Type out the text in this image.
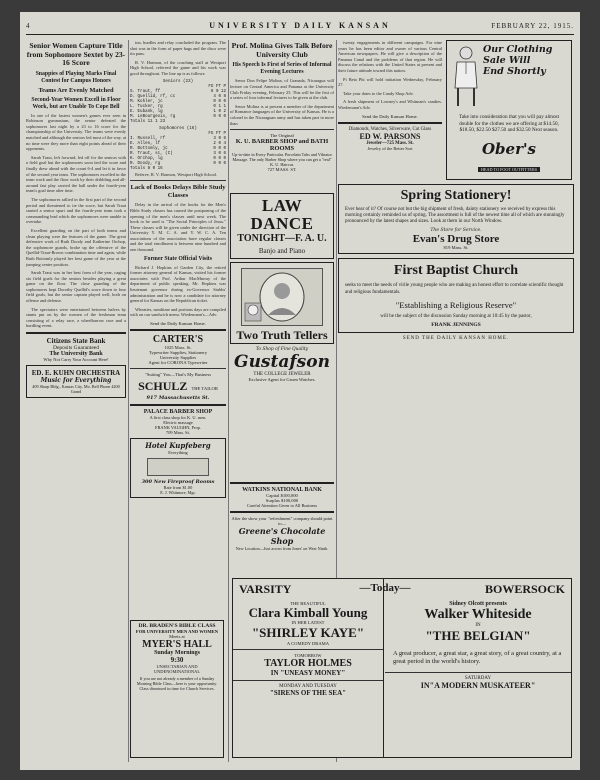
4	UNIVERSITY DAILY KANSAN	FEBRUARY 22, 1915.
Senior Women Capture Title from Sophomore Sextet by 23-16 Score
Snappies of Playing Marks Final Contest for Campus Honors
Teams Are Evenly Matched
Second-Year Women Excell in Floor Work, but are Unable To Cope Bell

In one of the fastest women's games ever seen in Robinson gymnasium, the senior defeated the sophomores last night by a 23 to 16 score for the championship of the University. The teams were evenly matched and although the seniors led most of the way, at no time were they more than eight points ahead of their opponents.

Sarah Traut, left forward, led off for the seniors with a field goal but the sophomores soon tied the score and finally drew ahead with the count 6-4 and let it in favor of the second year team. The sophomores excelled in the team work and the floor work by their dribbling and all-around fast play carried the ball under the fourth-year team's goal time after time.

The sophomores rallied in the first part of the second period and threatened to tie the score, but Sarah Traut started a senior spurt and the fourth-year team took a commanding lead which the sophomores were unable to overtake.

Excellent guarding on the part of both teams and clean playing were the features of the game. The great defensive work of Ruth Doody and Katherine Orchop, the sophomore guards, broke up the offensive of the Quellid-Traut-Brown combination time and again, while Ruth Bottomly played her best game of the year at the jumping center position.

Sarah Traut was in her best form of the year, caging six field goals for the seniors besides playing a great game on the floor. The close guarding of the sophomores kept Dorothy Quellid's score down to four field goals, but the senior captain played well, both on offense and defense.

The spectators were entertained between halves by stunts put on by the women of the freshman team consisting of a relay race, a wheelbarrow race and a hurdling event.

Citizens State Bank
Deposits Guaranteed
The University Bank
Why Not Carry Your Account Here!
ED. E. KUHN ORCHESTRA
Music for Everything
409 Sharp Bldg., Kansas City, Mo. Bell Phone 4200 Grand

ion, hurdles and relay concluded the program. The shot was in the form of paper bags and the discs were tin pans.

R. V. Harmon, of the coaching staff at Westport High School, refereed the game and his work was good throughout. The line up is as follows:

Seniors (23)
FG FT P
S. Traut, ff	6 0 12
D. Quellid, rf, cc	4 0 8
M. Kohler, jc	0 0 0
L. Tucker, rg	0 1 1
E. Eubank, lg	1 0 2
M. LeBourgeois, rg	0 0 0
Totals 11 1 23
Sophomores (16)
FG FT P
I. Russell, rf	3 0 6
E. Allen, lf	2 0 4
R. Bottomly, jc	0 0 0
R. Traut, sc, (C)	3 0 6
K. Orchop, lg	0 0 0
R. Doody, rg	0 0 0
Totals 8 0 16

Referee, R. V. Harmon, Westport High School.

Lack of Books Delays Bible Study Classes

Delay in the arrival of the books for the Men's Bible Study classes has caused the postponing of the opening of the men's classes until next week. The book to be used is "The Social Principles of Jesus." These classes will be given under the direction of the University Y. M. C. A. and Y. W. C. A. Ten associations of the association have regular classes and the total enrollment is between nine hundred and one thousand.

Former State Official Visits

Richard J. Hopkins of Garden City, the retired former attorney general of Kansas, visited his former associates with Prof. Arthur MacMurray of the department of public speaking. Mr. Hopkins was lieutenant governor during ex-Governor Stubbs' administration and he is now a candidate for attorney general for Kansas on the Republican ticket.

Wheaties, mealtime and portions days are compiled with on our sandwich menu. Wiedemann's—Adv.

Send the Daily Kansan Home.
CARTER'S
1025 Mass. St.
Typewriter Supplies, Stationery
University Supplies
Agent for CORONA Typewriter
"Suiting" You—That's My Business
SCHULZ THE TAILOR
917 Massachusetts St.
PALACE BARBER SHOP
A first class shop for K. U. men.
Electric massage
FRANK VAUGHN, Prop.
709 Mass. St.
Hotel Kupfeberg
Everything
300 New Fireproof Rooms
Rate from $1.00
E. J. Whitmore, Mgr.
Prof. Molina Gives Talk Before University Club
His Speech Is First of Series of Informal Evening Lectures

Senor Don Felipe Molina, of Granada, Nicaragua will lecture on Central America and Panama at the University Club Friday evening, February 25. This will be the first of a series of four informal lectures to be given at the club.

Senor Molina is at present a member of the department of Romance languages of the University of Kansas. He is a colonel in the Nicaraguan army and has taken part in more than

The Original
K. U. BARBER SHOP and BATH ROOMS
Up-to-date in Every Particular. Porcelain Tubs and Vibrator Massage. The only Barber Shop where you can get a "real" K. U. Haircut.
727 MASS. ST.
LAW DANCE
TONIGHT—F. A. U.
Banjo and Piano
Two Truth Tellers
To Shop of Fine Quality
Gustafson
THE COLLEGE JEWELER
Exclusive Agent for Gruen Watches.
WATKINS NATIONAL BANK
Capital $100,000
Surplus $100,000
Careful Attention Given to All Business
After the show your "refreshment" company should point to—
Greene's Chocolate Shop
New Location—Just across from Jones' on West Ninth.

twenty engagements in different campaigns. For nine years he has been editor and owner of various Central American newspapers. He will give a description of the Panama Canal and the problems of that region. He will discuss the relations with the United States at present and their future attitude toward this nation.

Pi Beta Phi will hold initiation Wednesday, February 27.

Take your dates to the Candy Shop Adv.

A fresh shipment of Lowney's and Whitman's candies. Wiedemann's Adv.

Send the Daily Kansan Home.
Diamonds, Watches, Silverware, Cut Glass
ED W. PARSONS
Jeweler—725 Mass. St.
Jewelry of the Better Sort
Our Clothing
Sale Will
End Shortly
Take into consideration that you will pay almost double for the clothes we are offering at $14.50, $18.50, $22.50 $27.50 and $32.50 Next season.
Ober's
HEAD TO FOOT OUTFITTERS
Spring Stationery!
Ever hear of it? Of course not but the big shipment of fresh, dainty stationery we received by express this morning certainly reminded us of spring. The assortment is full of the newest time all of which are stunningly pronounced by the latest shapes and sizes. Look at them in our North Window.
The Store for Service.
Evan's Drug Store
819 Mass. St.
First Baptist Church
seeks to meet the needs of virile young people who are making an honest effort to correlate scientific thought and religious fundamentals.
"Establishing a Religious Reserve"
will be the subject of the discussion Sunday morning at 10:45 by the pastor,
FRANK JENNINGS
SEND THE DAILY KANSAN HOME.
VARSITY
THE BEAUTIFUL
Clara Kimball Young
IN HER LATEST
"SHIRLEY KAYE"
A COMEDY DRAMA
TOMORROW
TAYLOR HOLMES
IN "UNEASY MONEY"
MONDAY AND TUESDAY
"SIRENS OF THE SEA"
—Today—	BOWERSOCK
Sidney Olcott presents
Walker Whiteside
IN
"THE BELGIAN"
A great producer, a great star, a great story, of a great country, at a great period in the world's history.
SATURDAY
IN"A MODERN MUSKATEER"
DR. BRADEN'S BIBLE CLASS
FOR UNIVERSITY MEN AND WOMEN
Meets at
MYER'S HALL
Sunday Mornings
9:30
UNSECTARIAN AND UNDENOMINATIONAL
If you are not already a member of a Sunday Morning Bible Class—here is your opportunity. Class dismissed in time for Church Services.
